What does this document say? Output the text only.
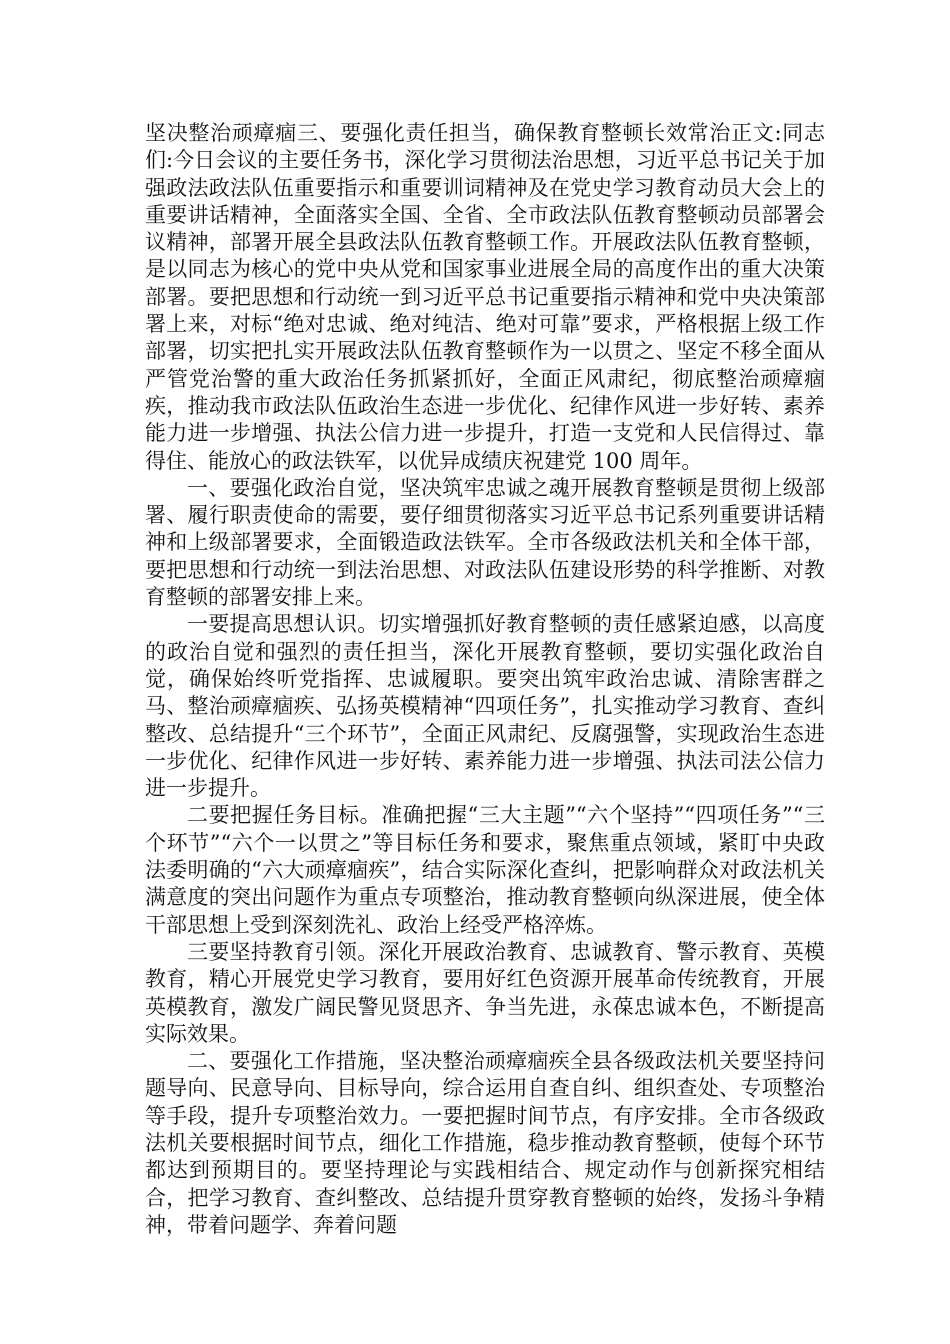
坚决整治顽瘴痼三、要强化责任担当，确保教育整顿长效常治正文:同志们:今日会议的主要任务书，深化学习贯彻法治思想，习近平总书记关于加强政法政法队伍重要指示和重要训词精神及在党史学习教育动员大会上的重要讲话精神，全面落实全国、全省、全市政法队伍教育整顿动员部署会议精神，部署开展全县政法队伍教育整顿工作。开展政法队伍教育整顿，是以同志为核心的党中央从党和国家事业进展全局的高度作出的重大决策部署。要把思想和行动统一到习近平总书记重要指示精神和党中央决策部署上来，对标“绝对忠诚、绝对纯洁、绝对可靠”要求，严格根据上级工作部署，切实把扎实开展政法队伍教育整顿作为一以贯之、坚定不移全面从严管党治警的重大政治任务抓紧抓好，全面正风肃纪，彻底整治顽瘴痼疾，推动我市政法队伍政治生态进一步优化、纪律作风进一步好转、素养能力进一步增强、执法公信力进一步提升，打造一支党和人民信得过、靠得住、能放心的政法铁军，以优异成绩庆祝建党 100 周年。

一、要强化政治自觉，坚决筑牢忠诚之魂开展教育整顿是贯彻上级部署、履行职责使命的需要，要仔细贯彻落实习近平总书记系列重要讲话精神和上级部署要求，全面锻造政法铁军。全市各级政法机关和全体干部，要把思想和行动统一到法治思想、对政法队伍建设形势的科学推断、对教育整顿的部署安排上来。

一要提高思想认识。切实增强抓好教育整顿的责任感紧迫感，以高度的政治自觉和强烈的责任担当，深化开展教育整顿，要切实强化政治自觉，确保始终听党指挥、忠诚履职。要突出筑牢政治忠诚、清除害群之马、整治顽瘴痼疾、弘扬英模精神“四项任务”，扎实推动学习教育、查纠整改、总结提升“三个环节”，全面正风肃纪、反腐强警，实现政治生态进一步优化、纪律作风进一步好转、素养能力进一步增强、执法司法公信力进一步提升。

二要把握任务目标。准确把握“三大主题”“六个坚持”“四项任务”“三个环节”“六个一以贯之”等目标任务和要求，聚焦重点领域，紧盯中央政法委明确的“六大顽瘴痼疾”，结合实际深化查纠，把影响群众对政法机关满意度的突出问题作为重点专项整治，推动教育整顿向纵深进展，使全体干部思想上受到深刻洗礼、政治上经受严格淬炼。

三要坚持教育引领。深化开展政治教育、忠诚教育、警示教育、英模教育，精心开展党史学习教育，要用好红色资源开展革命传统教育，开展英模教育，激发广阔民警见贤思齐、争当先进，永葆忠诚本色，不断提高实际效果。

二、要强化工作措施，坚决整治顽瘴痼疾全县各级政法机关要坚持问题导向、民意导向、目标导向，综合运用自查自纠、组织查处、专项整治等手段，提升专项整治效力。一要把握时间节点，有序安排。全市各级政法机关要根据时间节点，细化工作措施，稳步推动教育整顿，使每个环节都达到预期目的。要坚持理论与实践相结合、规定动作与创新探究相结合，把学习教育、查纠整改、总结提升贯穿教育整顿的始终，发扬斗争精神，带着问题学、奔着问题
